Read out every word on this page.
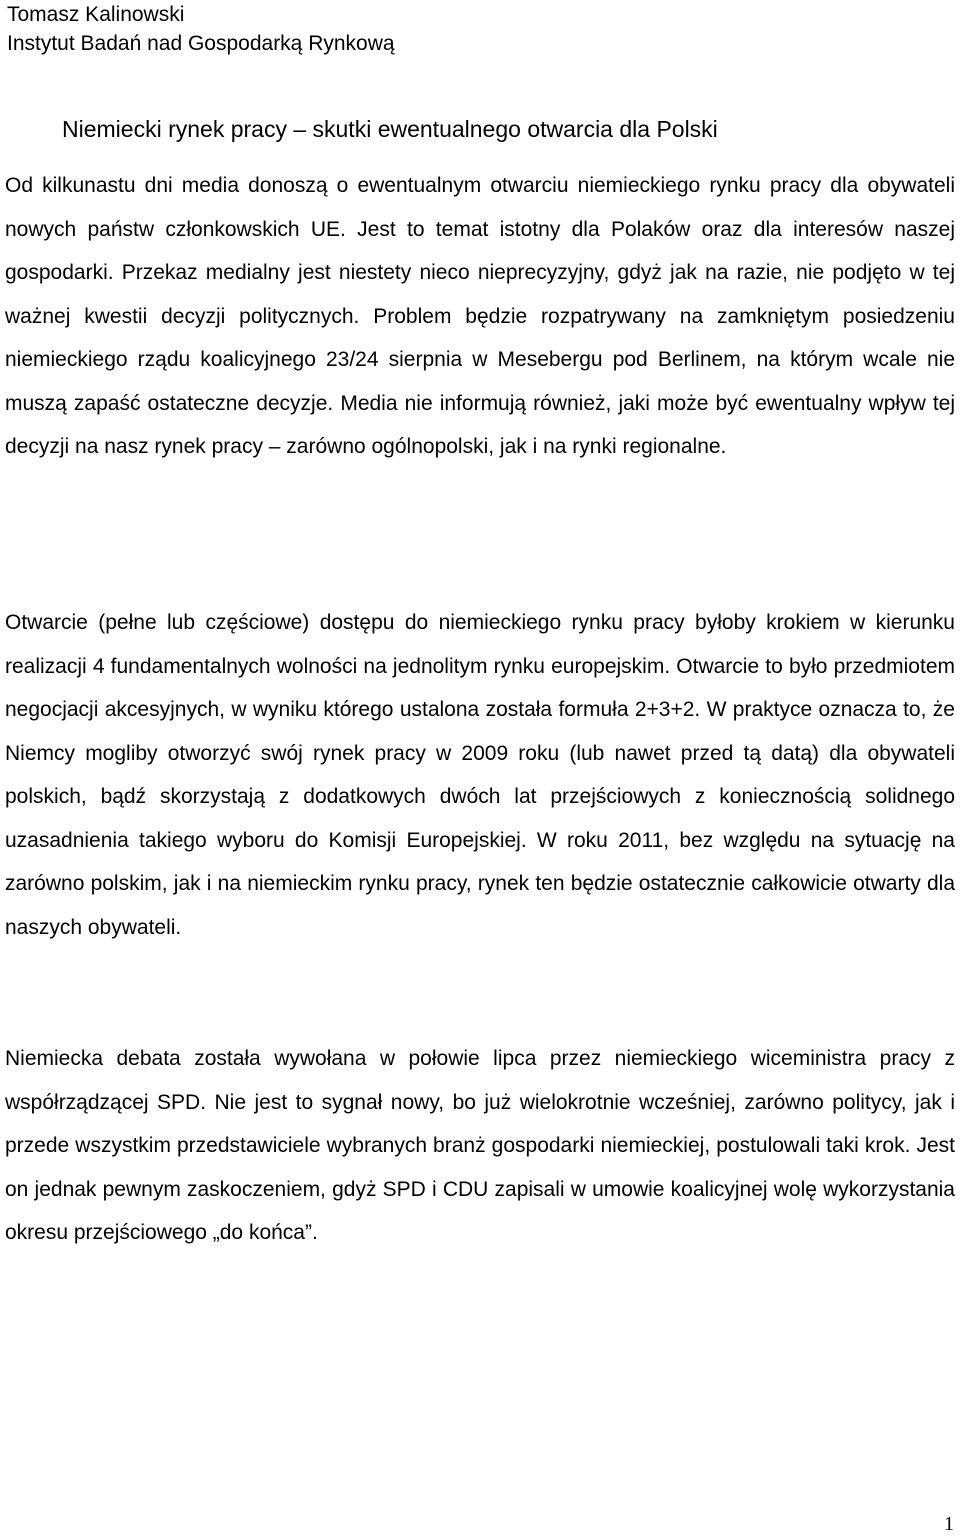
Tomasz Kalinowski
Instytut Badań nad Gospodarką Rynkową
Niemiecki rynek pracy – skutki ewentualnego otwarcia dla Polski
Od kilkunastu dni media donoszą o ewentualnym otwarciu niemieckiego rynku pracy dla obywateli nowych państw członkowskich UE. Jest to temat istotny dla Polaków oraz dla interesów naszej gospodarki. Przekaz medialny jest niestety nieco nieprecyzyjny, gdyż jak na razie, nie podjęto w tej ważnej kwestii decyzji politycznych. Problem będzie rozpatrywany na zamkniętym posiedzeniu niemieckiego rządu koalicyjnego 23/24 sierpnia w Mesebergu pod Berlinem, na którym wcale nie muszą zapaść ostateczne decyzje. Media nie informują również, jaki może być ewentualny wpływ tej decyzji na nasz rynek pracy – zarówno ogólnopolski, jak i na rynki regionalne.
Otwarcie (pełne lub częściowe) dostępu do niemieckiego rynku pracy byłoby krokiem w kierunku realizacji 4 fundamentalnych wolności na jednolitym rynku europejskim. Otwarcie to było przedmiotem negocjacji akcesyjnych, w wyniku którego ustalona została formuła 2+3+2. W praktyce oznacza to, że Niemcy mogliby otworzyć swój rynek pracy w 2009 roku (lub nawet przed tą datą) dla obywateli polskich, bądź skorzystają z dodatkowych dwóch lat przejściowych z koniecznością solidnego uzasadnienia takiego wyboru do Komisji Europejskiej. W roku 2011, bez względu na sytuację na zarówno polskim, jak i na niemieckim rynku pracy, rynek ten będzie ostatecznie całkowicie otwarty dla naszych obywateli.
Niemiecka debata została wywołana w połowie lipca przez niemieckiego wiceministra pracy z współrządzącej SPD. Nie jest to sygnał nowy, bo już wielokrotnie wcześniej, zarówno politycy, jak i przede wszystkim przedstawiciele wybranych branż gospodarki niemieckiej, postulowali taki krok. Jest on jednak pewnym zaskoczeniem, gdyż SPD i CDU zapisali w umowie koalicyjnej wolę wykorzystania okresu przejściowego „do końca”.
1
